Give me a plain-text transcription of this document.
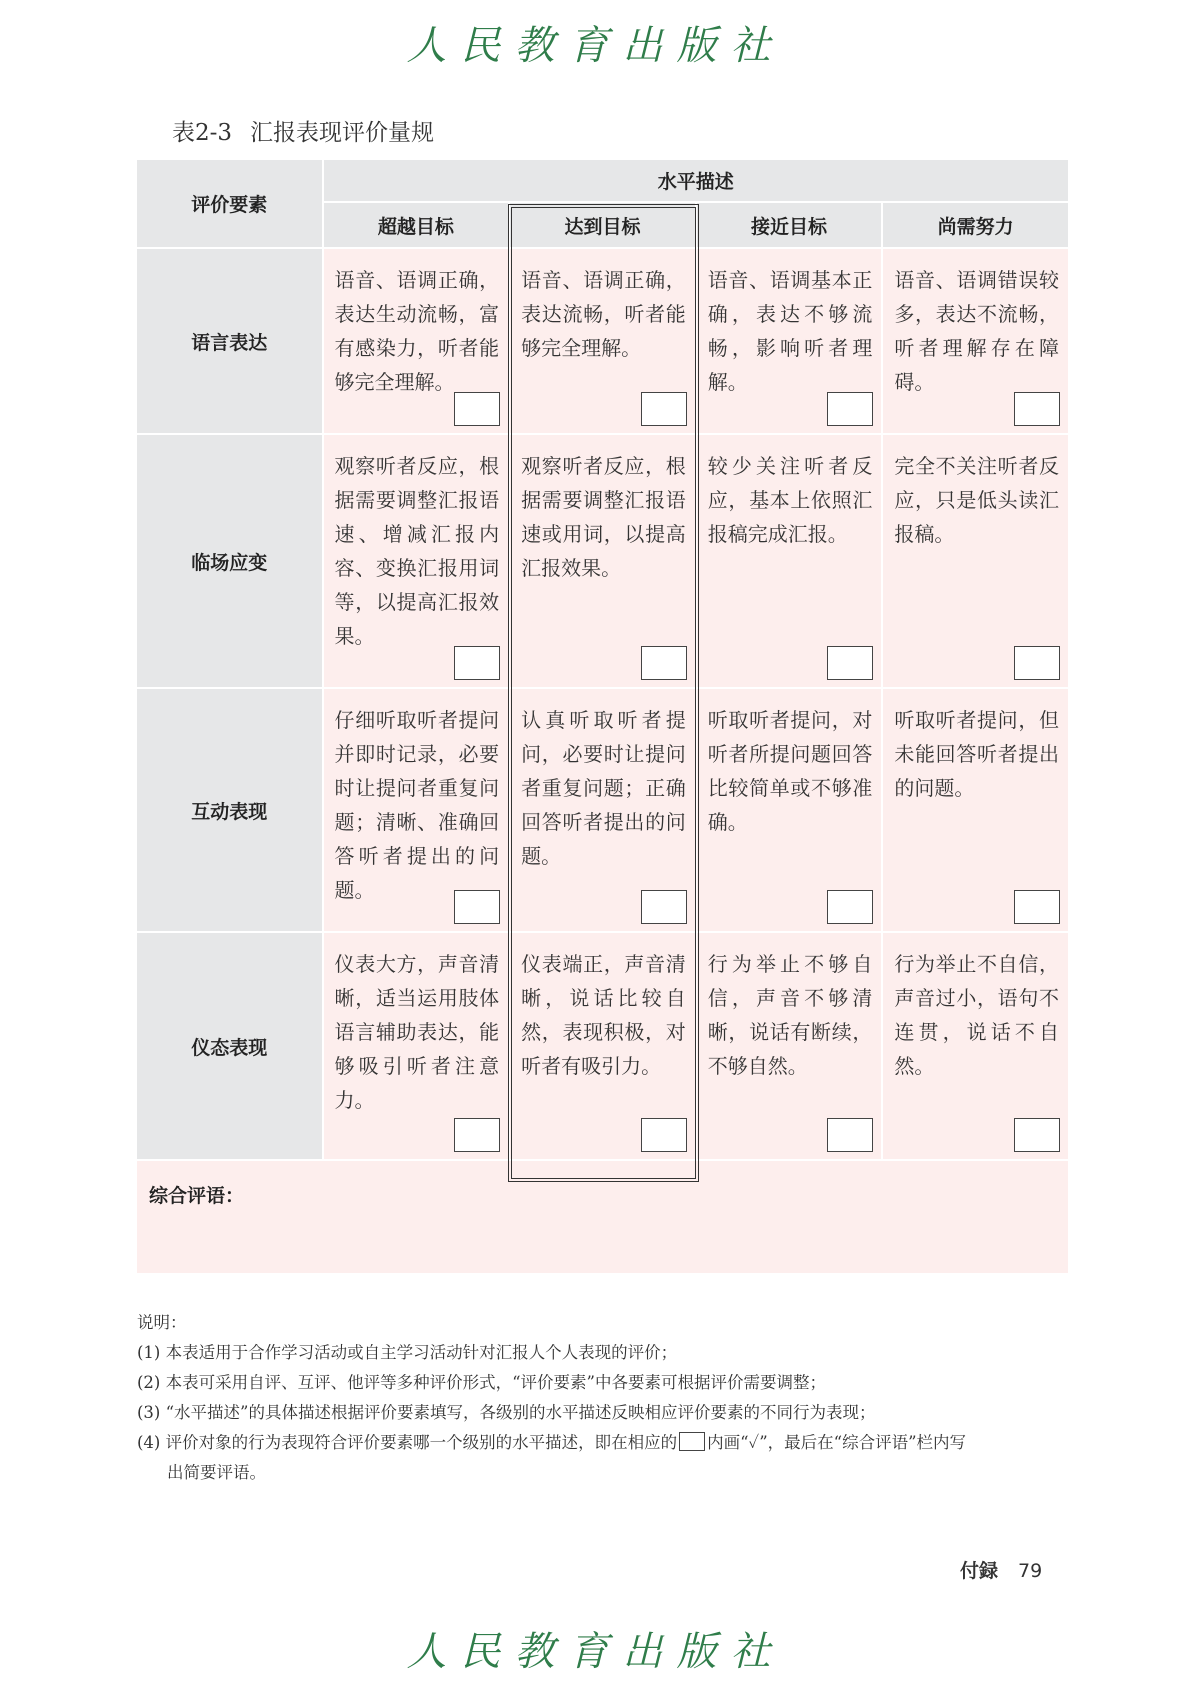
人民教育出版社
表2-3 汇报表现评价量规
评价要素	水平描述			
	超越目标	达到目标	接近目标	尚需努力
语言表达	语音、语调正确，表达生动流畅，富有感染力，听者能够完全理解。	语音、语调正确，表达流畅，听者能够完全理解。	语音、语调基本正确，表达不够流畅，影响听者理解。	语音、语调错误较多，表达不流畅，听者理解存在障碍。

临场应变	观察听者反应，根据需要调整汇报语速、增减汇报内容、变换汇报用词等，以提高汇报效果。	观察听者反应，根据需要调整汇报语速或用词，以提高汇报效果。	较少关注听者反应，基本上依照汇报稿完成汇报。	完全不关注听者反应，只是低头读汇报稿。

互动表现	仔细听取听者提问并即时记录，必要时让提问者重复问题；清晰、准确回答听者提出的问题。	认真听取听者提问，必要时让提问者重复问题；正确回答听者提出的问题。	听取听者提问，对听者所提问题回答比较简单或不够准确。	听取听者提问，但未能回答听者提出的问题。

仪态表现	仪表大方，声音清晰，适当运用肢体语言辅助表达，能够吸引听者注意力。	仪表端正，声音清晰，说话比较自然，表现积极，对听者有吸引力。	行为举止不够自信，声音不够清晰，说话有断续，不够自然。	行为举止不自信，声音过小，语句不连贯，说话不自然。

综合评语：				
说明：
(1) 本表适用于合作学习活动或自主学习活动针对汇报人个人表现的评价；
(2) 本表可采用自评、互评、他评等多种评价形式，“评价要素”中各要素可根据评价需要调整；
(3) “水平描述”的具体描述根据评价要素填写，各级别的水平描述反映相应评价要素的不同行为表现；
(4) 评价对象的行为表现符合评价要素哪一个级别的水平描述，即在相应的 内画“✓”，最后在“综合评语”栏内写
出简要评语。
付録 79
人民教育出版社
